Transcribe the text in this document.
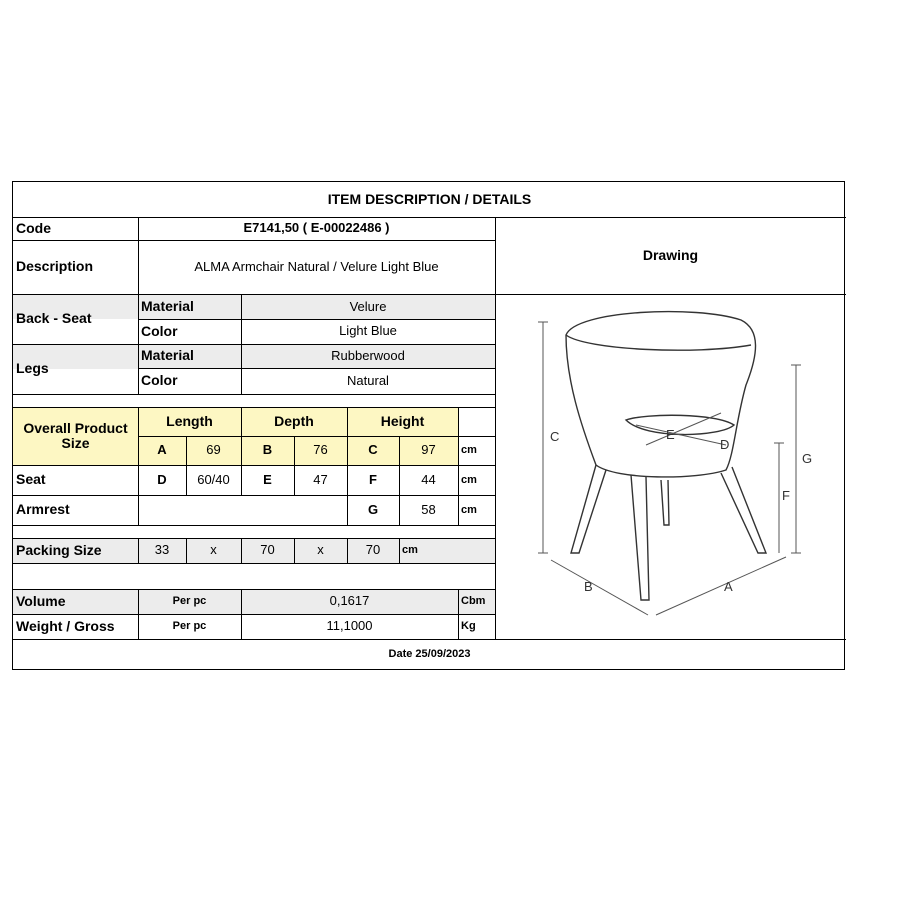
ITEM DESCRIPTION / DETAILS
Code	E7141,50 ( E-00022486 )
Description	ALMA Armchair Natural / Velure Light Blue
Drawing
Back - Seat
Material	Velure
Color	Light Blue
Legs
Material	Rubberwood
Color	Natural
Overall Product Size
Length	Depth	Height
A	69	B	76	C	97	cm
Seat	D	60/40	E	47	F	44	cm
Armrest	G	58	cm
Packing Size	33	x	70	x	70	cm
Volume	Per pc	0,1617	Cbm
Weight / Gross	Per pc	11,1000	Kg
Date 25/09/2023
C
G
F
E
D
B	A
